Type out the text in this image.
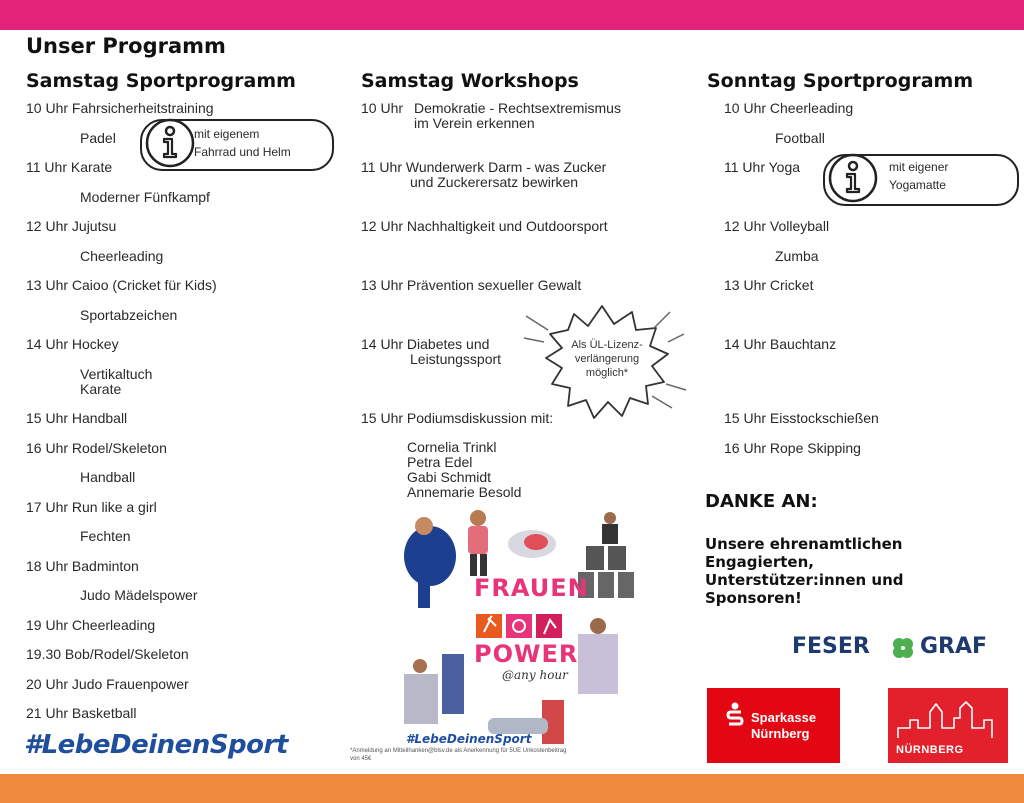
Unser Programm
Samstag Sportprogramm
10 Uhr Fahrsicherheitstraining
Padel
11 Uhr Karate
Moderner Fünfkampf
12 Uhr Jujutsu
Cheerleading
13 Uhr Caioo (Cricket für Kids)
Sportabzeichen
14 Uhr Hockey
Vertikaltuch
Karate
15 Uhr Handball
16 Uhr Rodel/Skeleton
Handball
17 Uhr Run like a girl
Fechten
18 Uhr Badminton
Judo Mädelspower
19 Uhr Cheerleading
19.30 Bob/Rodel/Skeleton
20 Uhr Judo Frauenpower
21 Uhr Basketball
mit eigenem
Fahrrad und Helm
#LebeDeinenSport
Samstag Workshops
10 Uhr Demokratie - Rechtsextremismus
im Verein erkennen
11 Uhr Wunderwerk Darm - was Zucker
und Zuckerersatz bewirken
12 Uhr Nachhaltigkeit und Outdoorsport
13 Uhr Prävention sexueller Gewalt
14 Uhr Diabetes und
Leistungssport
Als ÜL-Lizenz-
verlängerung
möglich*
15 Uhr Podiumsdiskussion mit:
Cornelia Trinkl
Petra Edel
Gabi Schmidt
Annemarie Besold
FRAUEN
POWER
@any hour
#LebeDeinenSport
*Anmeldung an Mitteilhanken@blsv.de als Anerkennung für 5UE Unkostenbeitrag
von 45€
Sonntag Sportprogramm
10 Uhr Cheerleading
Football
11 Uhr Yoga
12 Uhr Volleyball
Zumba
13 Uhr Cricket
14 Uhr Bauchtanz
15 Uhr Eisstockschießen
16 Uhr Rope Skipping
mit eigener
Yogamatte
DANKE AN:
Unsere ehrenamtlichen
Engagierten,
Unterstützer:innen und
Sponsoren!
FESER GRAF
Sparkasse
Nürnberg
NÜRNBERG
